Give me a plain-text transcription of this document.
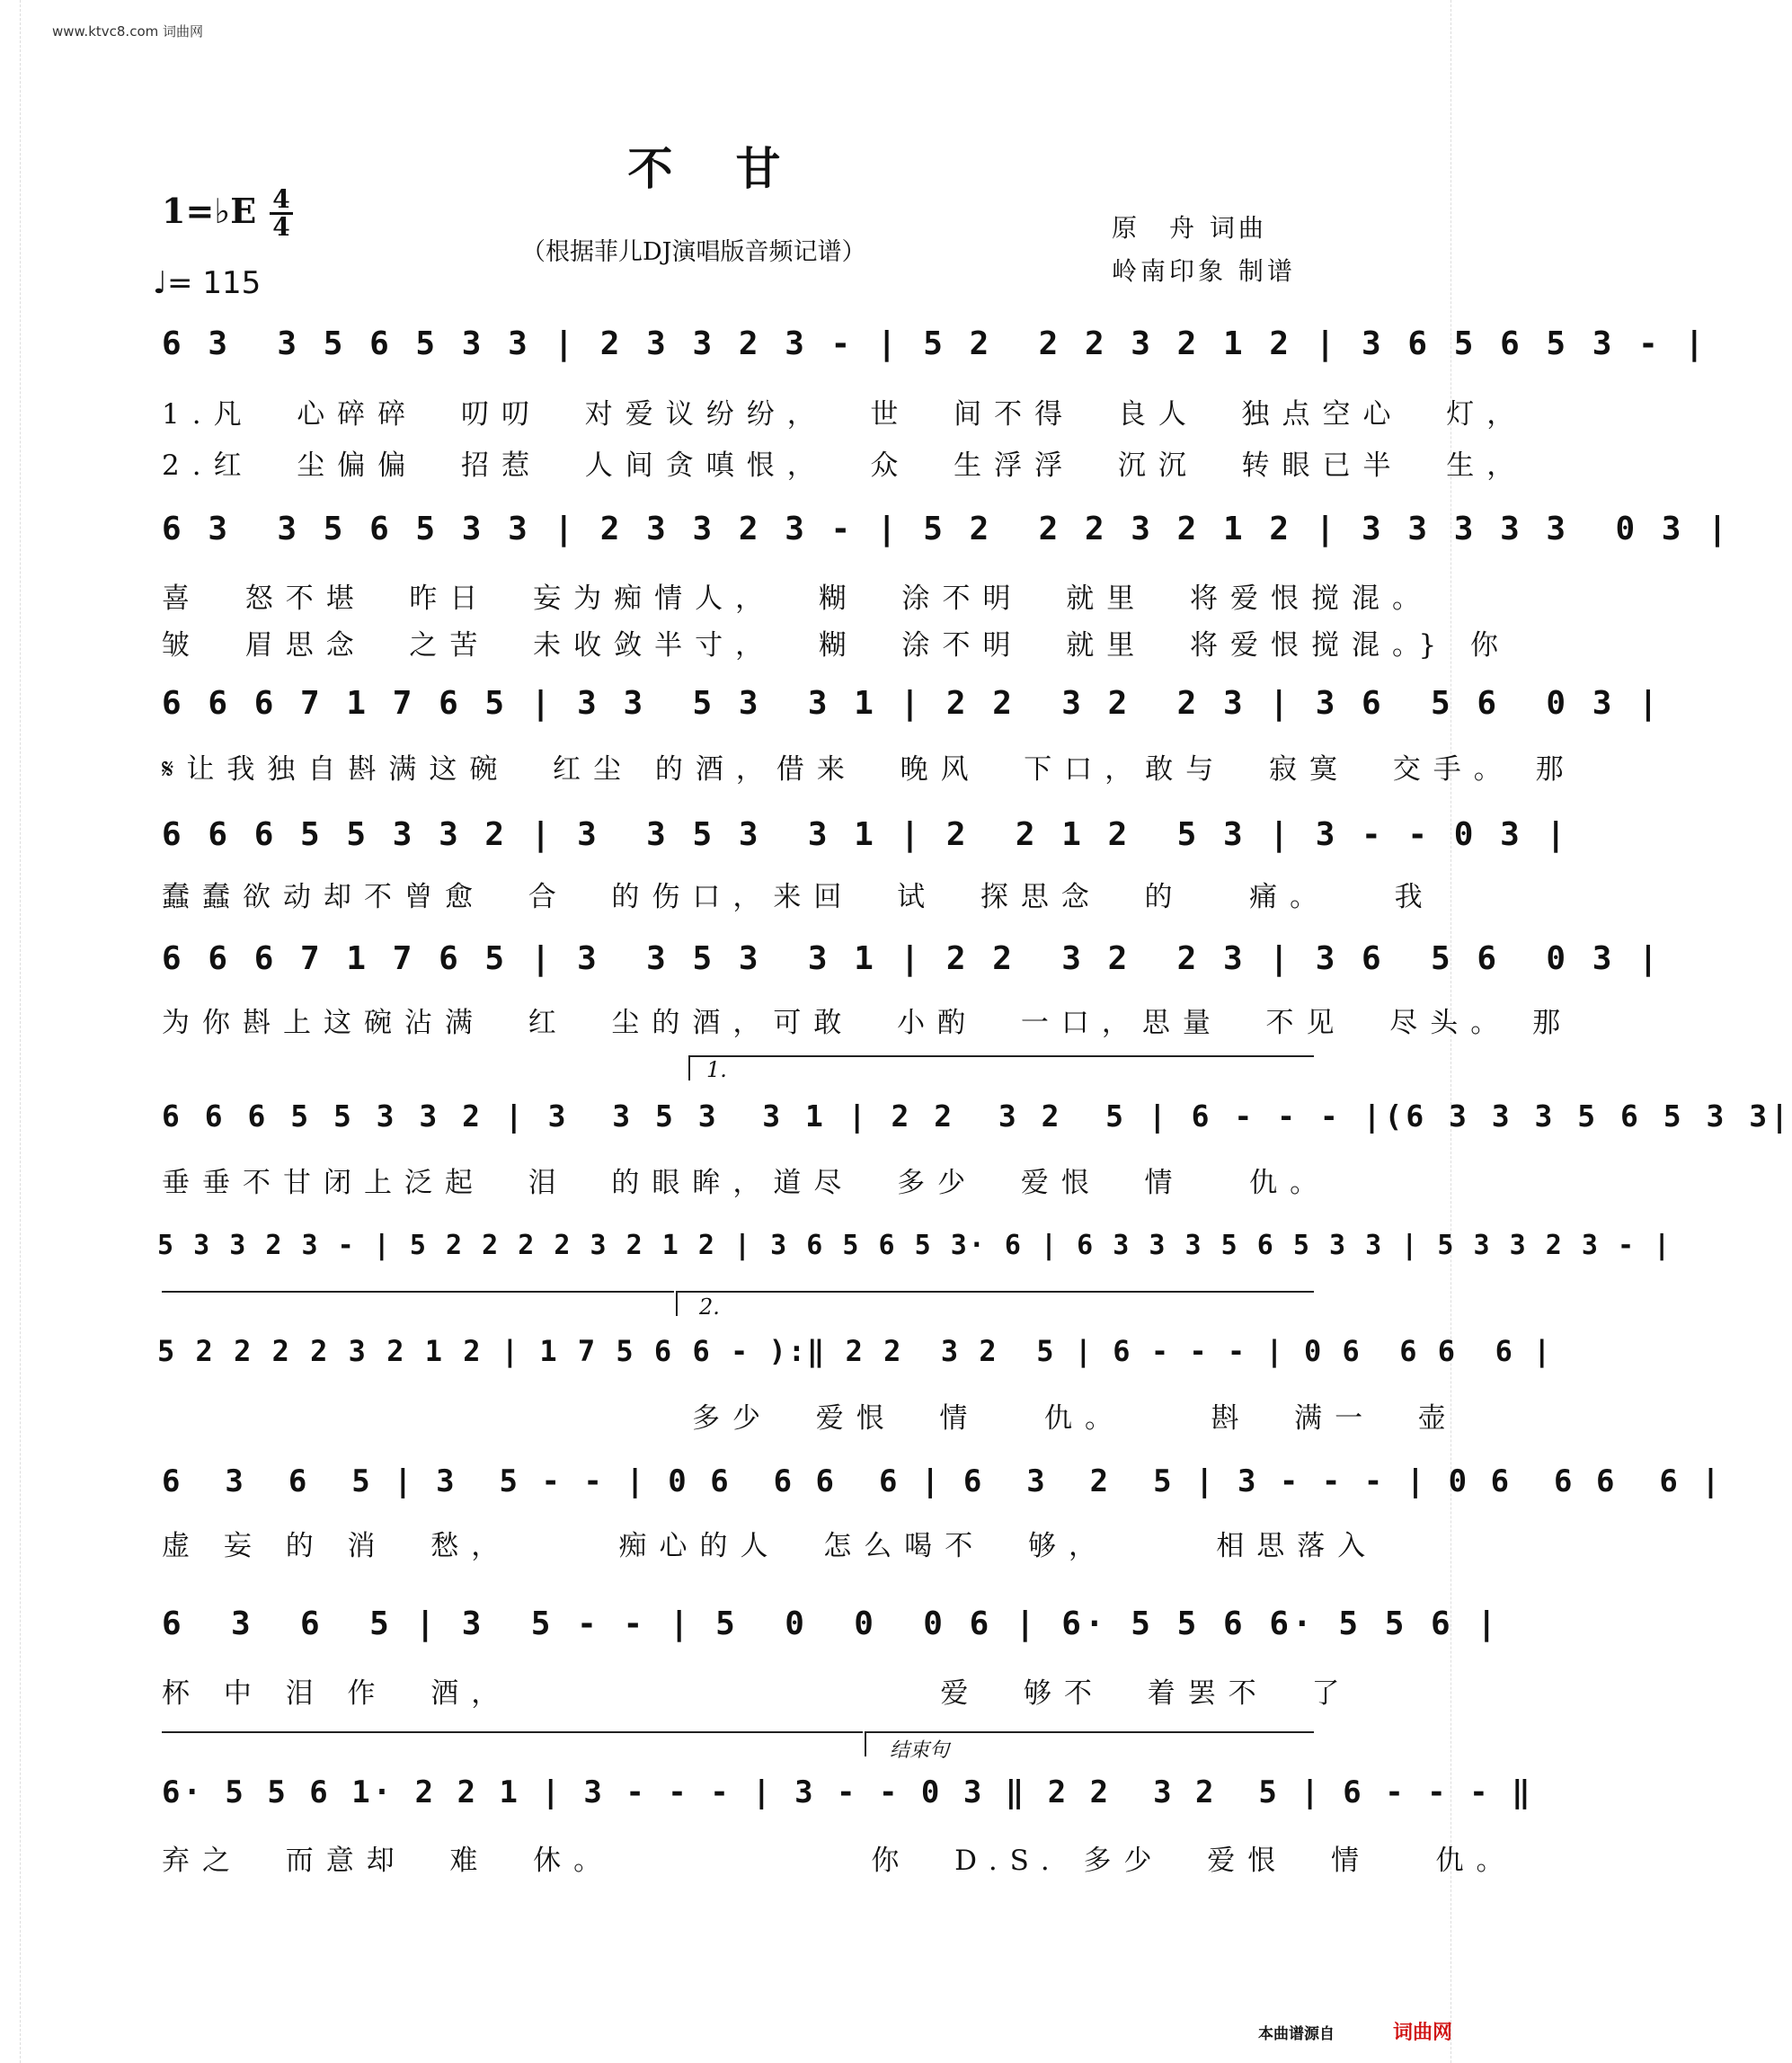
www.ktvc8.com 词曲网
不甘
1=♭E 4
4
♩= 115
（根据菲儿DJ演唱版音频记谱）
原　舟 词曲
岭南印象 制谱
6 3  3 5 6 5 3 3 | 2 3 3 2 3 - | 5 2  2 2 3 2 1 2 | 3 6 5 6 5 3 - |
1.凡  心碎碎  叨叨  对爱议纷纷，  世  间不得  良人  独点空心  灯，
2.红  尘偏偏  招惹  人间贪嗔恨，  众  生浮浮  沉沉  转眼已半  生，
6 3  3 5 6 5 3 3 | 2 3 3 2 3 - | 5 2  2 2 3 2 1 2 | 3 3 3 3 3  0 3 |
喜  怒不堪  昨日  妄为痴情人，  糊  涂不明  就里  将爱恨搅混。
皱  眉思念  之苦  未收敛半寸，  糊  涂不明  就里  将爱恨搅混。} 你
6 6 6 7 1 7 6 5 | 3 3  5 3  3 1 | 2 2  3 2  2 3 | 3 6  5 6  0 3 |
𝄋让我独自斟满这碗  红尘 的酒，借来  晚风  下口，敢与  寂寞  交手。 那
6 6 6 5 5 3 3 2 | 3  3 5 3  3 1 | 2  2 1 2  5 3 | 3 - - 0 3 |
蠢蠢欲动却不曾愈  合  的伤口，来回  试  探思念  的   痛。   我
6 6 6 7 1 7 6 5 | 3  3 5 3  3 1 | 2 2  3 2  2 3 | 3 6  5 6  0 3 |
为你斟上这碗沾满  红  尘的酒，可敢  小酌  一口，思量  不见  尽头。 那
1.
6 6 6 5 5 3 3 2 | 3  3 5 3  3 1 | 2 2  3 2  5 | 6 - - - |(6 3 3 3 5 6 5 3 3|
垂垂不甘闭上泛起  泪  的眼眸，道尽  多少  爱恨  情   仇。
5 3 3 2 3 - | 5 2 2 2 2 3 2 1 2 | 3 6 5 6 5 3· 6 | 6 3 3 3 5 6 5 3 3 | 5 3 3 2 3 - |
2.
5 2 2 2 2 3 2 1 2 | 1 7 5 6 6 - ):‖ 2 2  3 2  5 | 6 - - - | 0 6  6 6  6 |
多少  爱恨  情   仇。    斟  满一  壶
6  3  6  5 | 3  5 - - | 0 6  6 6  6 | 6  3  2  5 | 3 - - - | 0 6  6 6  6 |
虚 妄 的 消  愁，     痴心的人  怎么喝不  够，     相思落入
6  3  6  5 | 3  5 - - | 5  0  0  0 6 | 6· 5 5 6 6· 5 5 6 |
杯 中 泪 作  酒，                    爱  够不  着罢不  了
结束句
6· 5 5 6 1· 2 2 1 | 3 - - - | 3 - - 0 3 ‖ 2 2  3 2  5 | 6 - - - ‖
弃之  而意却  难  休。            你  D.S. 多少  爱恨  情   仇。
本曲谱源自	词曲网
